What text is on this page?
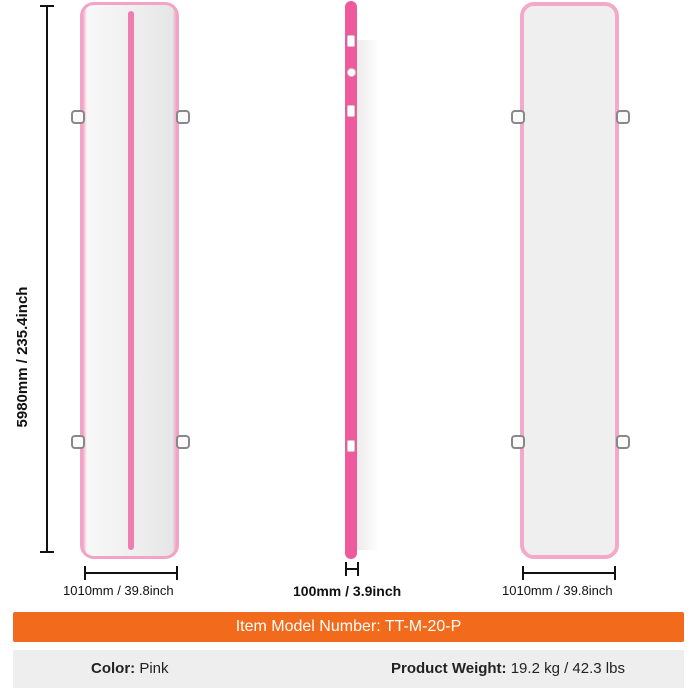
5980mm / 235.4inch
1010mm / 39.8inch	100mm / 3.9inch	1010mm / 39.8inch
Item Model Number: TT-M-20-P
Color: Pink	Product Weight: 19.2 kg / 42.3 lbs
